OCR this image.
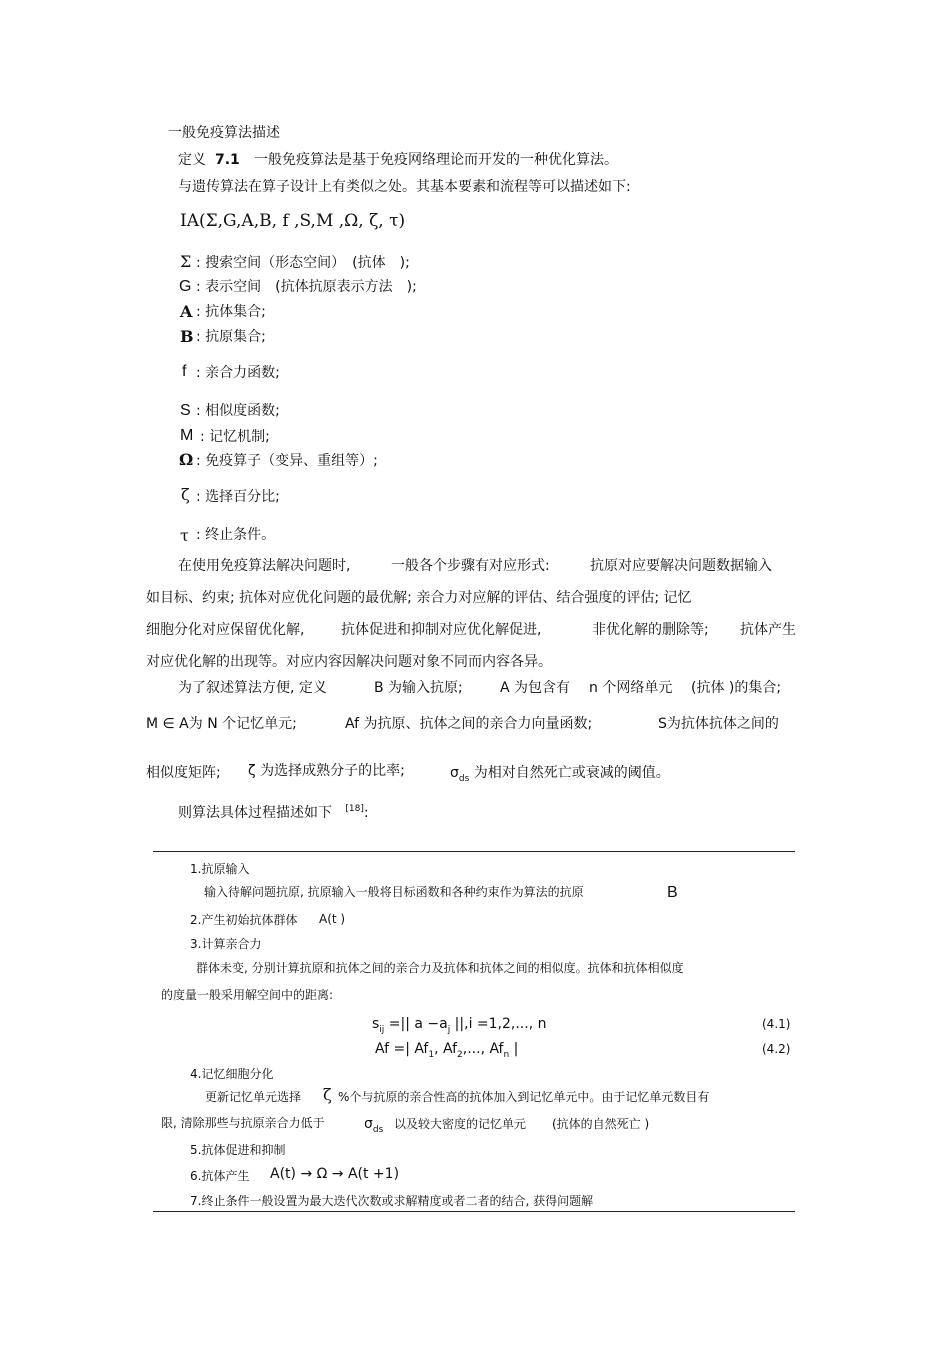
一般免疫算法描述
定义 7.1 一般免疫算法是基于免疫网络理论而开发的一种优化算法。
与遗传算法在算子设计上有类似之处。其基本要素和流程等可以描述如下:
IA(Σ,G,A,B, f ,S,M ,Ω, ζ, τ)
Σ : 搜索空间（形态空间）　(抗体　);
G : 表示空间　(抗体抗原表示方法　);
A : 抗体集合;
B : 抗原集合;
f : 亲合力函数;
S : 相似度函数;
M : 记忆机制;
Ω : 免疫算子（变异、重组等）;
ζ : 选择百分比;
τ : 终止条件。
在使用免疫算法解决问题时,	一般各个步骤有对应形式:	抗原对应要解决问题数据输入
如目标、约束; 抗体对应优化问题的最优解; 亲合力对应解的评估、结合强度的评估; 记忆
细胞分化对应保留优化解,	抗体促进和抑制对应优化解促进,	非优化解的删除等; 抗体产生
对应优化解的出现等。对应内容因解决问题对象不同而内容各异。
为了叙述算法方便, 定义	B 为输入抗原;	A 为包含有 n 个网络单元 (抗体 )的集合;
M ∈ A为 N 个记忆单元;	Af 为抗原、抗体之间的亲合力向量函数;	S为抗体抗体之间的
相似度矩阵; ζ 为选择成熟分子的比率;	$\sigma_{ds}$ 为相对自然死亡或衰减的阈值。
则算法具体过程描述如下 [18]:
1.抗原输入
输入待解问题抗原, 抗原输入一般将目标函数和各种约束作为算法的抗原	B
2.产生初始抗体群体 A(t )
3.计算亲合力
群体未变, 分别计算抗原和抗体之间的亲合力及抗体和抗体之间的相似度。抗体和抗体相似度
的度量一般采用解空间中的距离:
$s_{ij}$ =|| $a -a_j$ ||,i =1,2,..., n	(4.1)
Af =| $Af_1$, $Af_2$,..., $Af_n$ |	(4.2)
4.记忆细胞分化
更新记忆单元选择 ζ %个与抗原的亲合性高的抗体加入到记忆单元中。由于记忆单元数目有
限, 清除那些与抗原亲合力低于	$\sigma_{ds}$ 以及较大密度的记忆单元 (抗体的自然死亡 )
5.抗体促进和抑制
6.抗体产生 A(t) → Ω → A(t +1)
7.终止条件一般设置为最大迭代次数或求解精度或者二者的结合, 获得问题解
